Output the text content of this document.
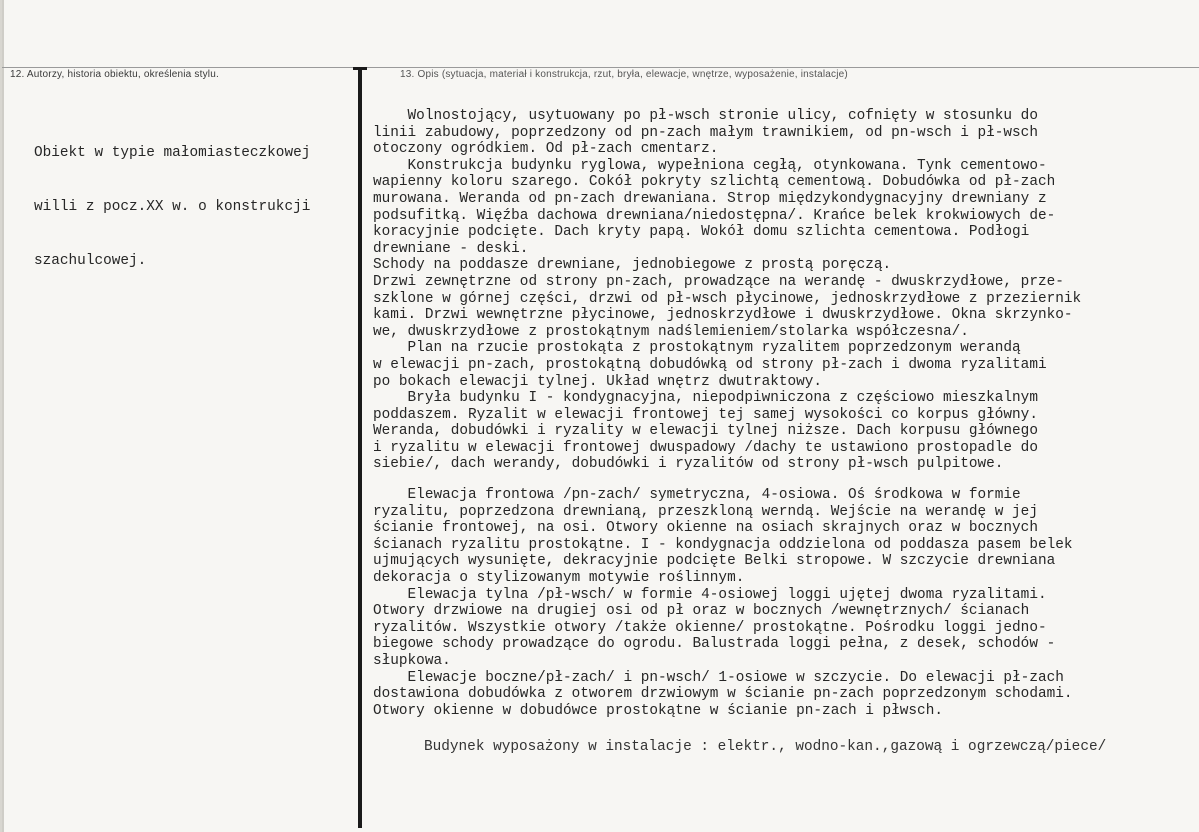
12. Autorzy, historia obiektu, określenia stylu.	13. Opis (sytuacja, materiał i konstrukcja, rzut, bryła, elewacje, wnętrze, wyposażenie, instalacje)

Obiekt w typie małomiasteczkowej

willi z pocz.XX w. o konstrukcji

szachulcowej.

Wolnostojący, usytuowany po pł-wsch stronie ulicy, cofnięty w stosunku do
linii zabudowy, poprzedzony od pn-zach małym trawnikiem, od pn-wsch i pł-wsch
otoczony ogródkiem. Od pł-zach cmentarz.
Konstrukcja budynku ryglowa, wypełniona cegłą, otynkowana. Tynk cementowo-
wapienny koloru szarego. Cokół pokryty szlichtą cementową. Dobudówka od pł-zach
murowana. Weranda od pn-zach drewaniana. Strop międzykondygnacyjny drewniany z
podsufitką. Więźba dachowa drewniana/niedostępna/. Krańce belek krokwiowych de-
koracyjnie podcięte. Dach kryty papą. Wokół domu szlichta cementowa. Podłogi
drewniane - deski.
Schody na poddasze drewniane, jednobiegowe z prostą poręczą.
Drzwi zewnętrzne od strony pn-zach, prowadzące na werandę - dwuskrzydłowe, prze-
szklone w górnej części, drzwi od pł-wsch płycinowe, jednoskrzydłowe z przeziernik
kami. Drzwi wewnętrzne płycinowe, jednoskrzydłowe i dwuskrzydłowe. Okna skrzynko-
we, dwuskrzydłowe z prostokątnym nadślemieniem/stolarka współczesna/.
Plan na rzucie prostokąta z prostokątnym ryzalitem poprzedzonym werandą
w elewacji pn-zach, prostokątną dobudówką od strony pł-zach i dwoma ryzalitami
po bokach elewacji tylnej. Układ wnętrz dwutraktowy.
Bryła budynku I - kondygnacyjna, niepodpiwniczona z częściowo mieszkalnym
poddaszem. Ryzalit w elewacji frontowej tej samej wysokości co korpus główny.
Weranda, dobudówki i ryzality w elewacji tylnej niższe. Dach korpusu głównego
i ryzalitu w elewacji frontowej dwuspadowy /dachy te ustawiono prostopadle do
siebie/, dach werandy, dobudówki i ryzalitów od strony pł-wsch pulpitowe.
Elewacja frontowa /pn-zach/ symetryczna, 4-osiowa. Oś środkowa w formie
ryzalitu, poprzedzona drewnianą, przeszkloną werndą. Wejście na werandę w jej
ścianie frontowej, na osi. Otwory okienne na osiach skrajnych oraz w bocznych
ścianach ryzalitu prostokątne. I - kondygnacja oddzielona od poddasza pasem belek
ujmujących wysunięte, dekracyjnie podcięte Belki stropowe. W szczycie drewniana
dekoracja o stylizowanym motywie roślinnym.
Elewacja tylna /pł-wsch/ w formie 4-osiowej loggi ujętej dwoma ryzalitami.
Otwory drzwiowe na drugiej osi od pł oraz w bocznych /wewnętrznych/ ścianach
ryzalitów. Wszystkie otwory /także okienne/ prostokątne. Pośrodku loggi jedno-
biegowe schody prowadzące do ogrodu. Balustrada loggi pełna, z desek, schodów -
słupkowa.
Elewacje boczne/pł-zach/ i pn-wsch/ 1-osiowe w szczycie. Do elewacji pł-zach
dostawiona dobudówka z otworem drzwiowym w ścianie pn-zach poprzedzonym schodami.
Otwory okienne w dobudówce prostokątne w ścianie pn-zach i płwsch.
Budynek wyposażony w instalacje : elektr., wodno-kan.,gazową i ogrzewczą/piece/
